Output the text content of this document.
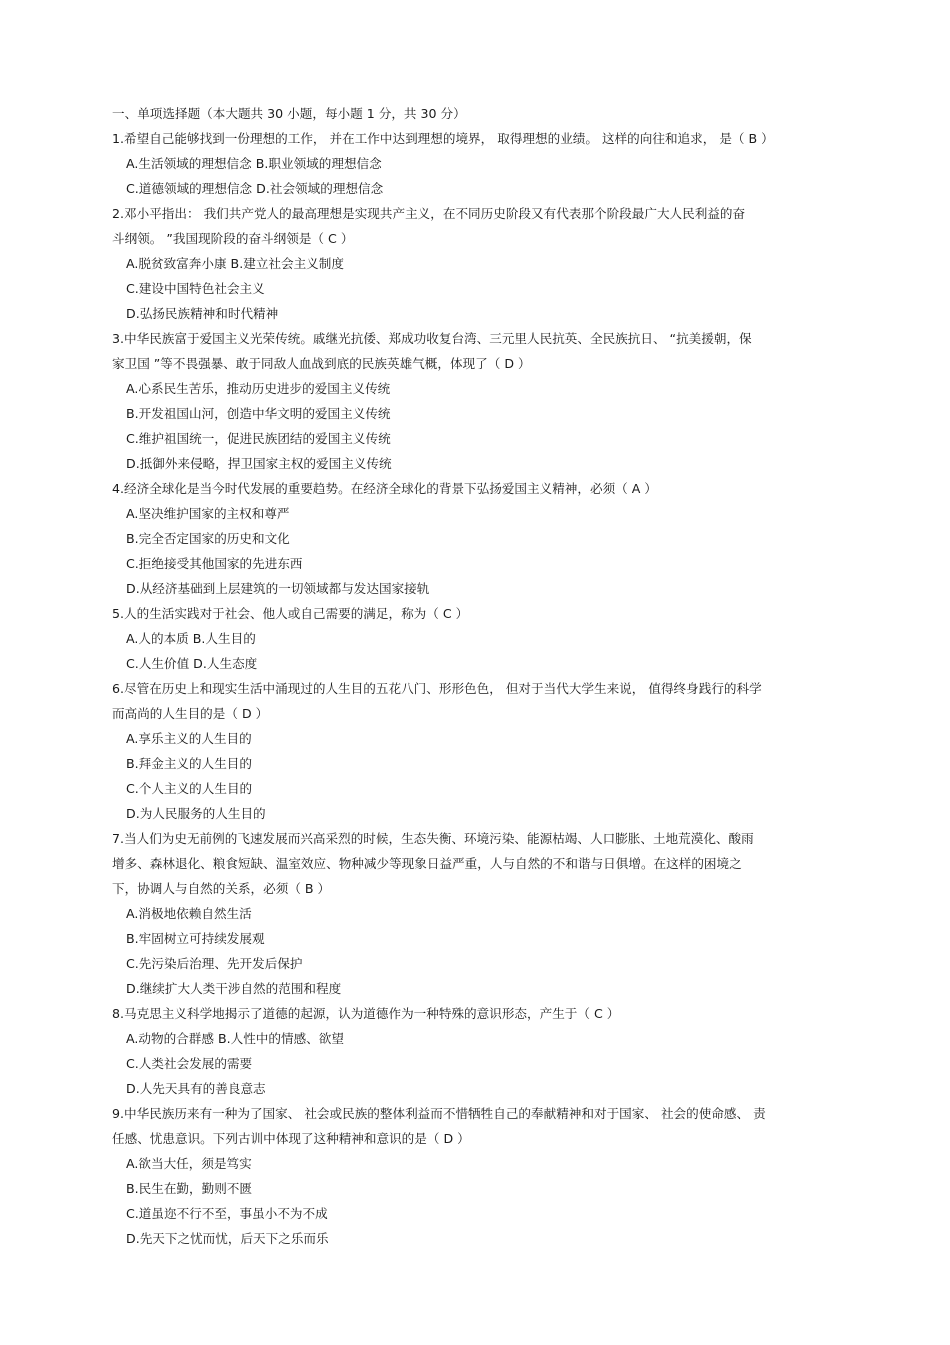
一、单项选择题（本大题共 30 小题，每小题 1 分，共 30 分）
1.希望自己能够找到一份理想的工作， 并在工作中达到理想的境界， 取得理想的业绩。 这样的向往和追求， 是（ B ）
A.生活领域的理想信念 B.职业领域的理想信念
C.道德领域的理想信念 D.社会领域的理想信念
2.邓小平指出： 我们共产党人的最高理想是实现共产主义，在不同历史阶段又有代表那个阶段最广大人民利益的奋
斗纲领。 ”我国现阶段的奋斗纲领是（ C ）
A.脱贫致富奔小康 B.建立社会主义制度
C.建设中国特色社会主义
D.弘扬民族精神和时代精神
3.中华民族富于爱国主义光荣传统。戚继光抗倭、郑成功收复台湾、三元里人民抗英、全民族抗日、 “抗美援朝，保
家卫国 ”等不畏强暴、敢于同敌人血战到底的民族英雄气概，体现了（ D ）
A.心系民生苦乐，推动历史进步的爱国主义传统
B.开发祖国山河，创造中华文明的爱国主义传统
C.维护祖国统一，促进民族团结的爱国主义传统
D.抵御外来侵略，捍卫国家主权的爱国主义传统
4.经济全球化是当今时代发展的重要趋势。在经济全球化的背景下弘扬爱国主义精神，必须（ A ）
A.坚决维护国家的主权和尊严
B.完全否定国家的历史和文化
C.拒绝接受其他国家的先进东西
D.从经济基础到上层建筑的一切领域都与发达国家接轨
5.人的生活实践对于社会、他人或自己需要的满足，称为（ C ）
A.人的本质 B.人生目的
C.人生价值 D.人生态度
6.尽管在历史上和现实生活中涌现过的人生目的五花八门、形形色色， 但对于当代大学生来说， 值得终身践行的科学
而高尚的人生目的是（ D ）
A.享乐主义的人生目的
B.拜金主义的人生目的
C.个人主义的人生目的
D.为人民服务的人生目的
7.当人们为史无前例的飞速发展而兴高采烈的时候，生态失衡、环境污染、能源枯竭、人口膨胀、土地荒漠化、酸雨
增多、森林退化、粮食短缺、温室效应、物种减少等现象日益严重，人与自然的不和谐与日俱增。在这样的困境之
下，协调人与自然的关系，必须（ B ）
A.消极地依赖自然生活
B.牢固树立可持续发展观
C.先污染后治理、先开发后保护
D.继续扩大人类干涉自然的范围和程度
8.马克思主义科学地揭示了道德的起源，认为道德作为一种特殊的意识形态，产生于（ C ）
A.动物的合群感 B.人性中的情感、欲望
C.人类社会发展的需要
D.人先天具有的善良意志
9.中华民族历来有一种为了国家、 社会或民族的整体利益而不惜牺牲自己的奉献精神和对于国家、 社会的使命感、 责
任感、忧患意识。下列古训中体现了这种精神和意识的是（ D ）
A.欲当大任，须是笃实
B.民生在勤，勤则不匮
C.道虽迩不行不至，事虽小不为不成
D.先天下之忧而忧，后天下之乐而乐
